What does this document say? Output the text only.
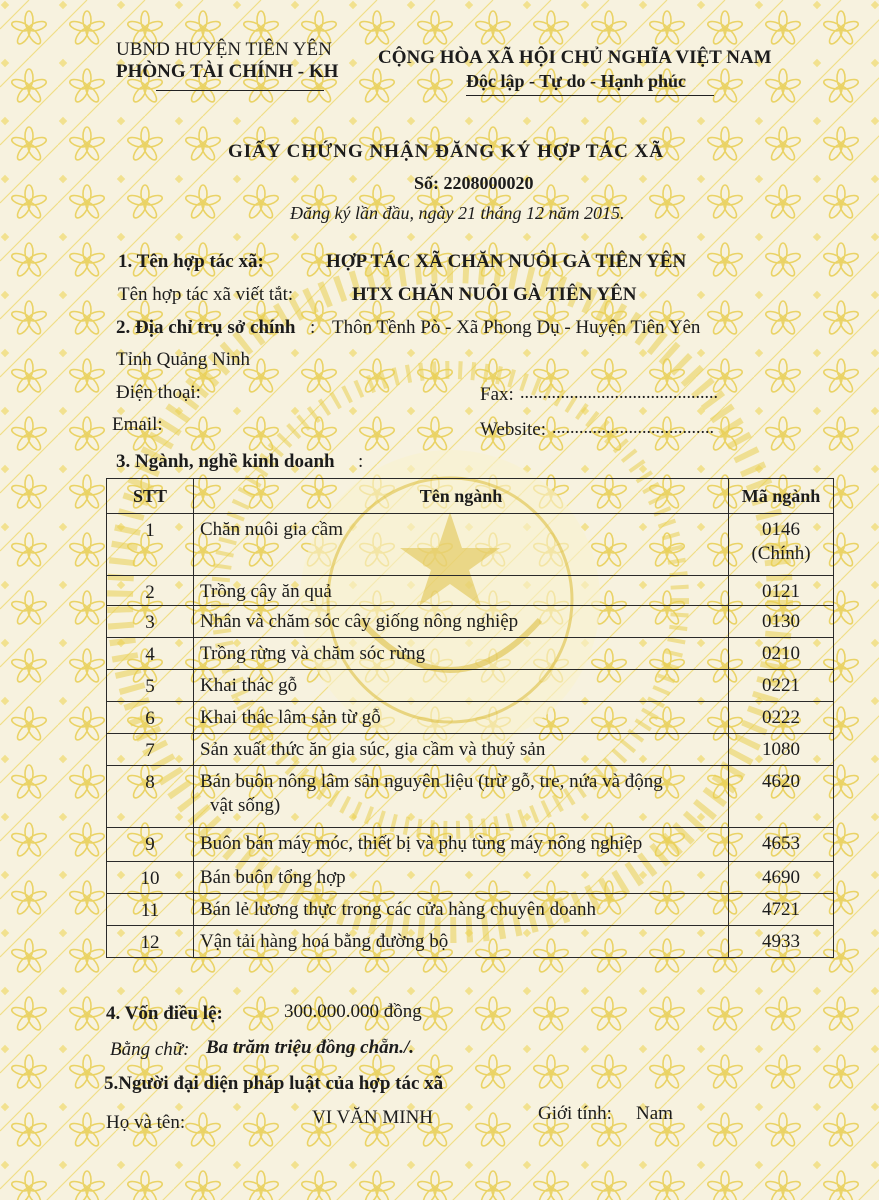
UBND HUYỆN TIÊN YÊN
PHÒNG TÀI CHÍNH - KH
CỘNG HÒA XÃ HỘI CHỦ NGHĨA VIỆT NAM
Độc lập - Tự do - Hạnh phúc
GIẤY CHỨNG NHẬN ĐĂNG KÝ HỢP TÁC XÃ
Số: 2208000020
Đăng ký lần đầu, ngày 21 tháng 12 năm 2015.
1. Tên hợp tác xã:	HỢP TÁC XÃ CHĂN NUÔI GÀ TIÊN YÊN
Tên hợp tác xã viết tắt:	HTX CHĂN NUÔI GÀ TIÊN YÊN
2. Địa chỉ trụ sở chính : Thôn Tềnh Pò - Xã Phong Dụ - Huyện Tiên Yên
Tỉnh Quảng Ninh
Điện thoại:	Fax: ............................................
Email:	Website: ....................................
3. Ngành, nghề kinh doanh :
STT	Tên ngành	Mã ngành
1	Chăn nuôi gia cầm	0146
(Chính)

2	Trồng cây ăn quả	0121
3	Nhân và chăm sóc cây giống nông nghiệp	0130
4	Trồng rừng và chăm sóc rừng	0210
5	Khai thác gỗ	0221
6	Khai thác lâm sản từ gỗ	0222
7	Sản xuất thức ăn gia súc, gia cầm và thuỷ sản	1080
8	Bán buôn nông lâm sản nguyên liệu (trừ gỗ, tre, nứa và động
vật sống)	4620
9	Buôn bán máy móc, thiết bị và phụ tùng máy nông nghiệp	4653
10	Bán buôn tổng hợp	4690
11	Bán lẻ lương thực trong các cửa hàng chuyên doanh	4721
12	Vận tải hàng hoá bằng đường bộ	4933
4. Vốn điều lệ:	300.000.000 đồng
Bằng chữ: Ba trăm triệu đồng chẵn./.
5.Người đại diện pháp luật của hợp tác xã
Họ và tên:	VI VĂN MINH	Giới tính: Nam
